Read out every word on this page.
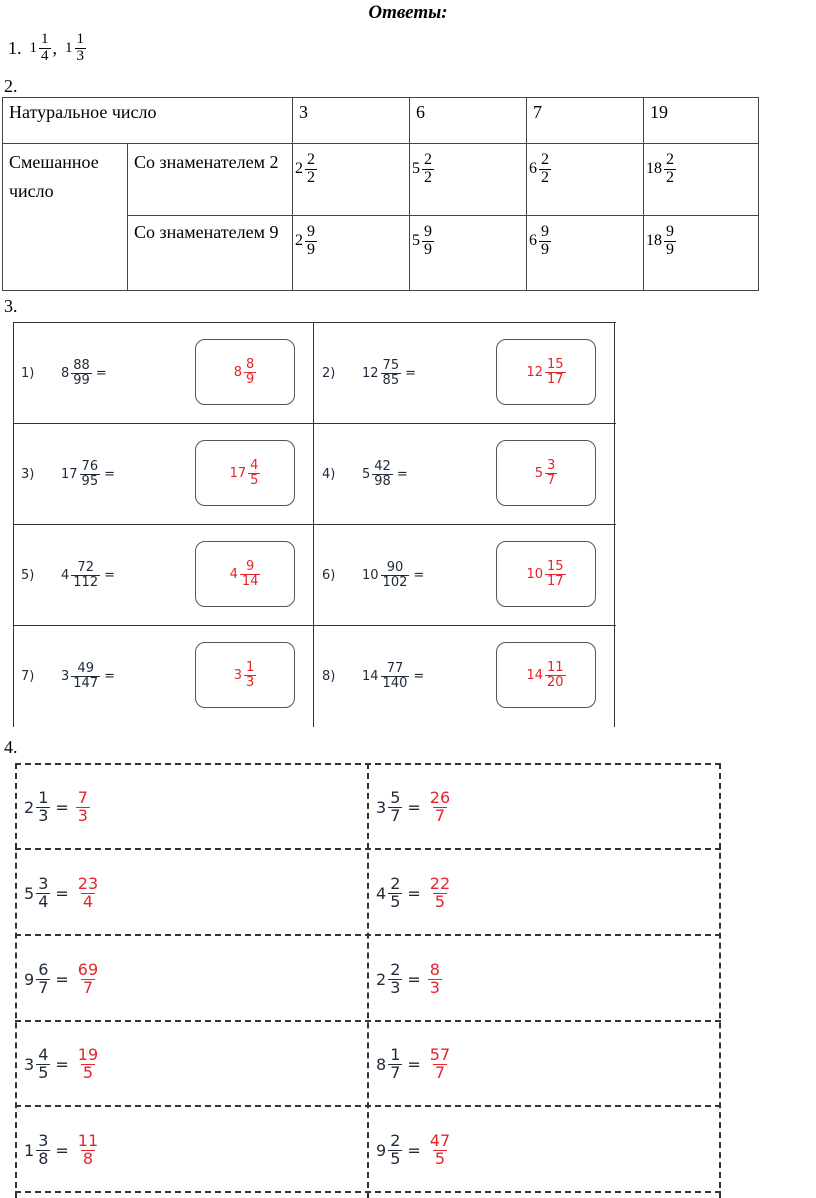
Ответы:
1. $1 \frac{1}{4}$ , $1 \frac{1}{3}$
2.
Натуральное число		3	6	7	19
Смешанное число	Со знаменателем 2	$2 \frac{2}{2}$	$5 \frac{2}{2}$	$6 \frac{2}{2}$	$18 \frac{2}{2}$

	Со знаменателем 9	$2 \frac{9}{9}$	$5 \frac{9}{9}$	$6 \frac{9}{9}$	$18 \frac{9}{9}$
3.
1)	$8 \frac{88}{99}$ =	$8 \frac{8}{9}$	2)	$12 \frac{75}{85}$ =	$12 \frac{15}{17}$
3)	$17 \frac{76}{95}$ =	$17 \frac{4}{5}$	4)	$5 \frac{42}{98}$ =	$5 \frac{3}{7}$
5)	$4 \frac{72}{112}$ =	$4 \frac{9}{14}$	6)	$10 \frac{90}{102}$ =	$10 \frac{15}{17}$
7)	$3 \frac{49}{147}$ =	$3 \frac{1}{3}$	8)	$14 \frac{77}{140}$ =	$14 \frac{11}{20}$
4.
$2 \frac{1}{3} = \frac{7}{3}$	$3 \frac{5}{7} = \frac{26}{7}$
$5 \frac{3}{4} = \frac{23}{4}$	$4 \frac{2}{5} = \frac{22}{5}$
$9 \frac{6}{7} = \frac{69}{7}$	$2 \frac{2}{3} = \frac{8}{3}$
$3 \frac{4}{5} = \frac{19}{5}$	$8 \frac{1}{7} = \frac{57}{7}$
$1 \frac{3}{8} = \frac{11}{8}$	$9 \frac{2}{5} = \frac{47}{5}$
